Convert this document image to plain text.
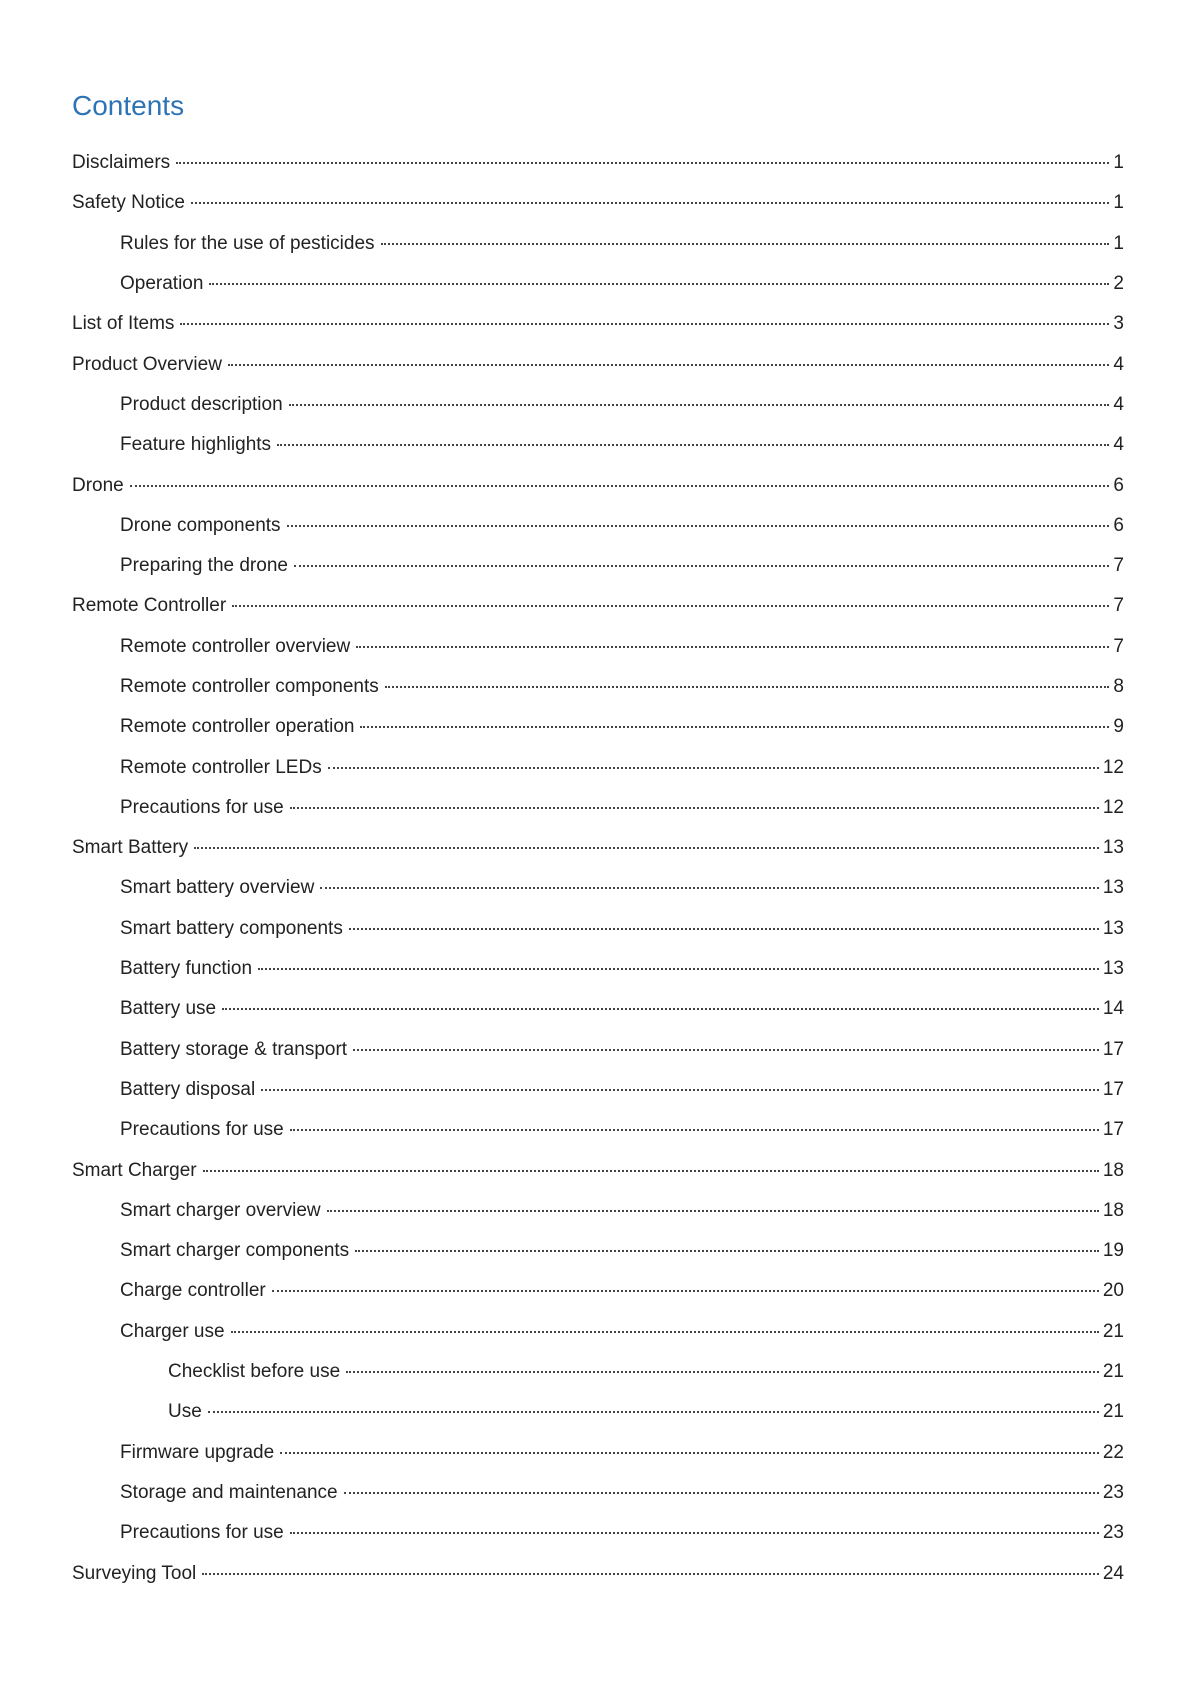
Contents
Disclaimers	1
Safety Notice	1
Rules for the use of pesticides	1
Operation	2
List of Items	3
Product Overview	4
Product description	4
Feature highlights	4
Drone	6
Drone components	6
Preparing the drone	7
Remote Controller	7
Remote controller overview	7
Remote controller components	8
Remote controller operation	9
Remote controller LEDs	12
Precautions for use	12
Smart Battery	13
Smart battery overview	13
Smart battery components	13
Battery function	13
Battery use	14
Battery storage & transport	17
Battery disposal	17
Precautions for use	17
Smart Charger	18
Smart charger overview	18
Smart charger components	19
Charge controller	20
Charger use	21
Checklist before use	21
Use	21
Firmware upgrade	22
Storage and maintenance	23
Precautions for use	23
Surveying Tool	24
